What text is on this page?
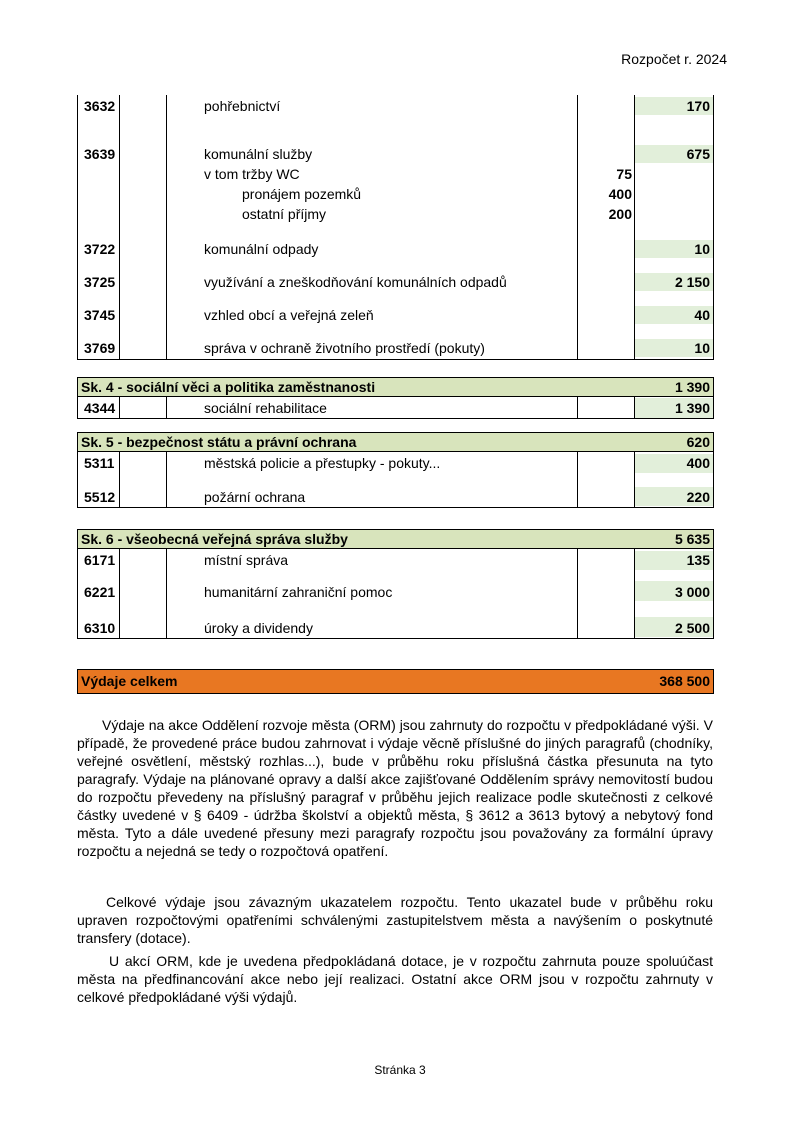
Rozpočet r. 2024
3632	pohřebnictví	170
3639	komunální služby	675
v tom tržby WC	75
pronájem pozemků	400
ostatní příjmy	200
3722	komunální odpady	10
3725	využívání a zneškodňování komunálních odpadů	2 150
3745	vzhled obcí a veřejná zeleň	40
3769	správa v ochraně životního prostředí (pokuty)	10
Sk. 4 - sociální věci a politika zaměstnanosti	1 390
4344	sociální rehabilitace	1 390
Sk. 5 - bezpečnost státu a právní ochrana	620
5311	městská policie a přestupky - pokuty...	400
5512	požární ochrana	220
Sk. 6 - všeobecná veřejná správa služby	5 635
6171	místní správa	135
6221	humanitární zahraniční pomoc	3 000
6310	úroky a dividendy	2 500
Výdaje celkem	368 500

Výdaje na akce Oddělení rozvoje města (ORM) jsou zahrnuty do rozpočtu v předpokládané výši. V případě, že provedené práce budou zahrnovat i výdaje věcně příslušné do jiných paragrafů (chodníky, veřejné osvětlení, městský rozhlas...), bude v průběhu roku příslušná částka přesunuta na tyto paragrafy. Výdaje na plánované opravy a další akce zajišťované Oddělením správy nemovitostí budou do rozpočtu převedeny na příslušný paragraf v průběhu jejich realizace podle skutečnosti z celkové částky uvedené v § 6409 - údržba školství a objektů města, § 3612 a 3613 bytový a nebytový fond města. Tyto a dále uvedené přesuny mezi paragrafy rozpočtu jsou považovány za formální úpravy rozpočtu a nejedná se tedy o rozpočtová opatření.

Celkové výdaje jsou závazným ukazatelem rozpočtu. Tento ukazatel bude v průběhu roku upraven rozpočtovými opatřeními schválenými zastupitelstvem města a navýšením o poskytnuté transfery (dotace).

U akcí ORM, kde je uvedena předpokládaná dotace, je v rozpočtu zahrnuta pouze spoluúčast města na předfinancování akce nebo její realizaci. Ostatní akce ORM jsou v rozpočtu zahrnuty v celkové předpokládané výši výdajů.

Stránka 3
